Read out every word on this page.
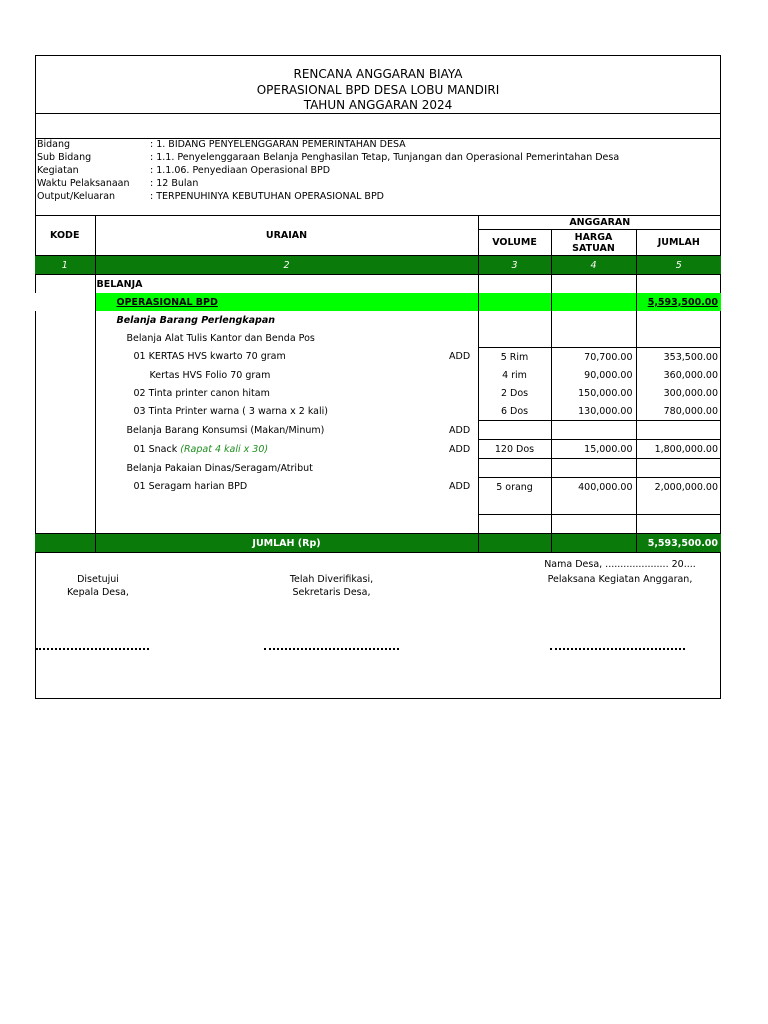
RENCANA ANGGARAN BIAYA
OPERASIONAL BPD DESA LOBU MANDIRI
TAHUN ANGGARAN 2024
Bidang	: 1. BIDANG PENYELENGGARAN PEMERINTAHAN DESA
Sub Bidang	: 1.1. Penyelenggaraan Belanja Penghasilan Tetap, Tunjangan dan Operasional Pemerintahan Desa
Kegiatan	: 1.1.06. Penyediaan Operasional BPD
Waktu Pelaksanaan : 12 Bulan
Output/Keluaran	: TERPENUHINYA KEBUTUHAN OPERASIONAL BPD
KODE	URAIAN		ANGGARAN		
			VOLUME	HARGA SATUAN	JUMLAH
1	2		3	4	5
	BELANJA				
	OPERASIONAL BPD				5,593,500.00
	Belanja Barang Perlengkapan				
	Belanja Alat Tulis Kantor dan Benda Pos				
	01 KERTAS HVS kwarto 70 gram	ADD	5 Rim	70,700.00	353,500.00
	Kertas HVS Folio 70 gram		4 rim	90,000.00	360,000.00
	02 Tinta printer canon hitam		2 Dos	150,000.00	300,000.00
	03 Tinta Printer warna ( 3 warna x 2 kali)		6 Dos	130,000.00	780,000.00
	Belanja Barang Konsumsi (Makan/Minum)	ADD			
	01 Snack (Rapat 4 kali x 30)	ADD	120 Dos	15,000.00	1,800,000.00
	Belanja Pakaian Dinas/Seragam/Atribut				
	01 Seragam harian BPD	ADD	5 orang	400,000.00	2,000,000.00

	JUMLAH (Rp)				5,593,500.00
Nama Desa, ..................... 20....
Disetujui
Kepala Desa,
Telah Diverifikasi,
Sekretaris Desa,
Pelaksana Kegiatan Anggaran,
